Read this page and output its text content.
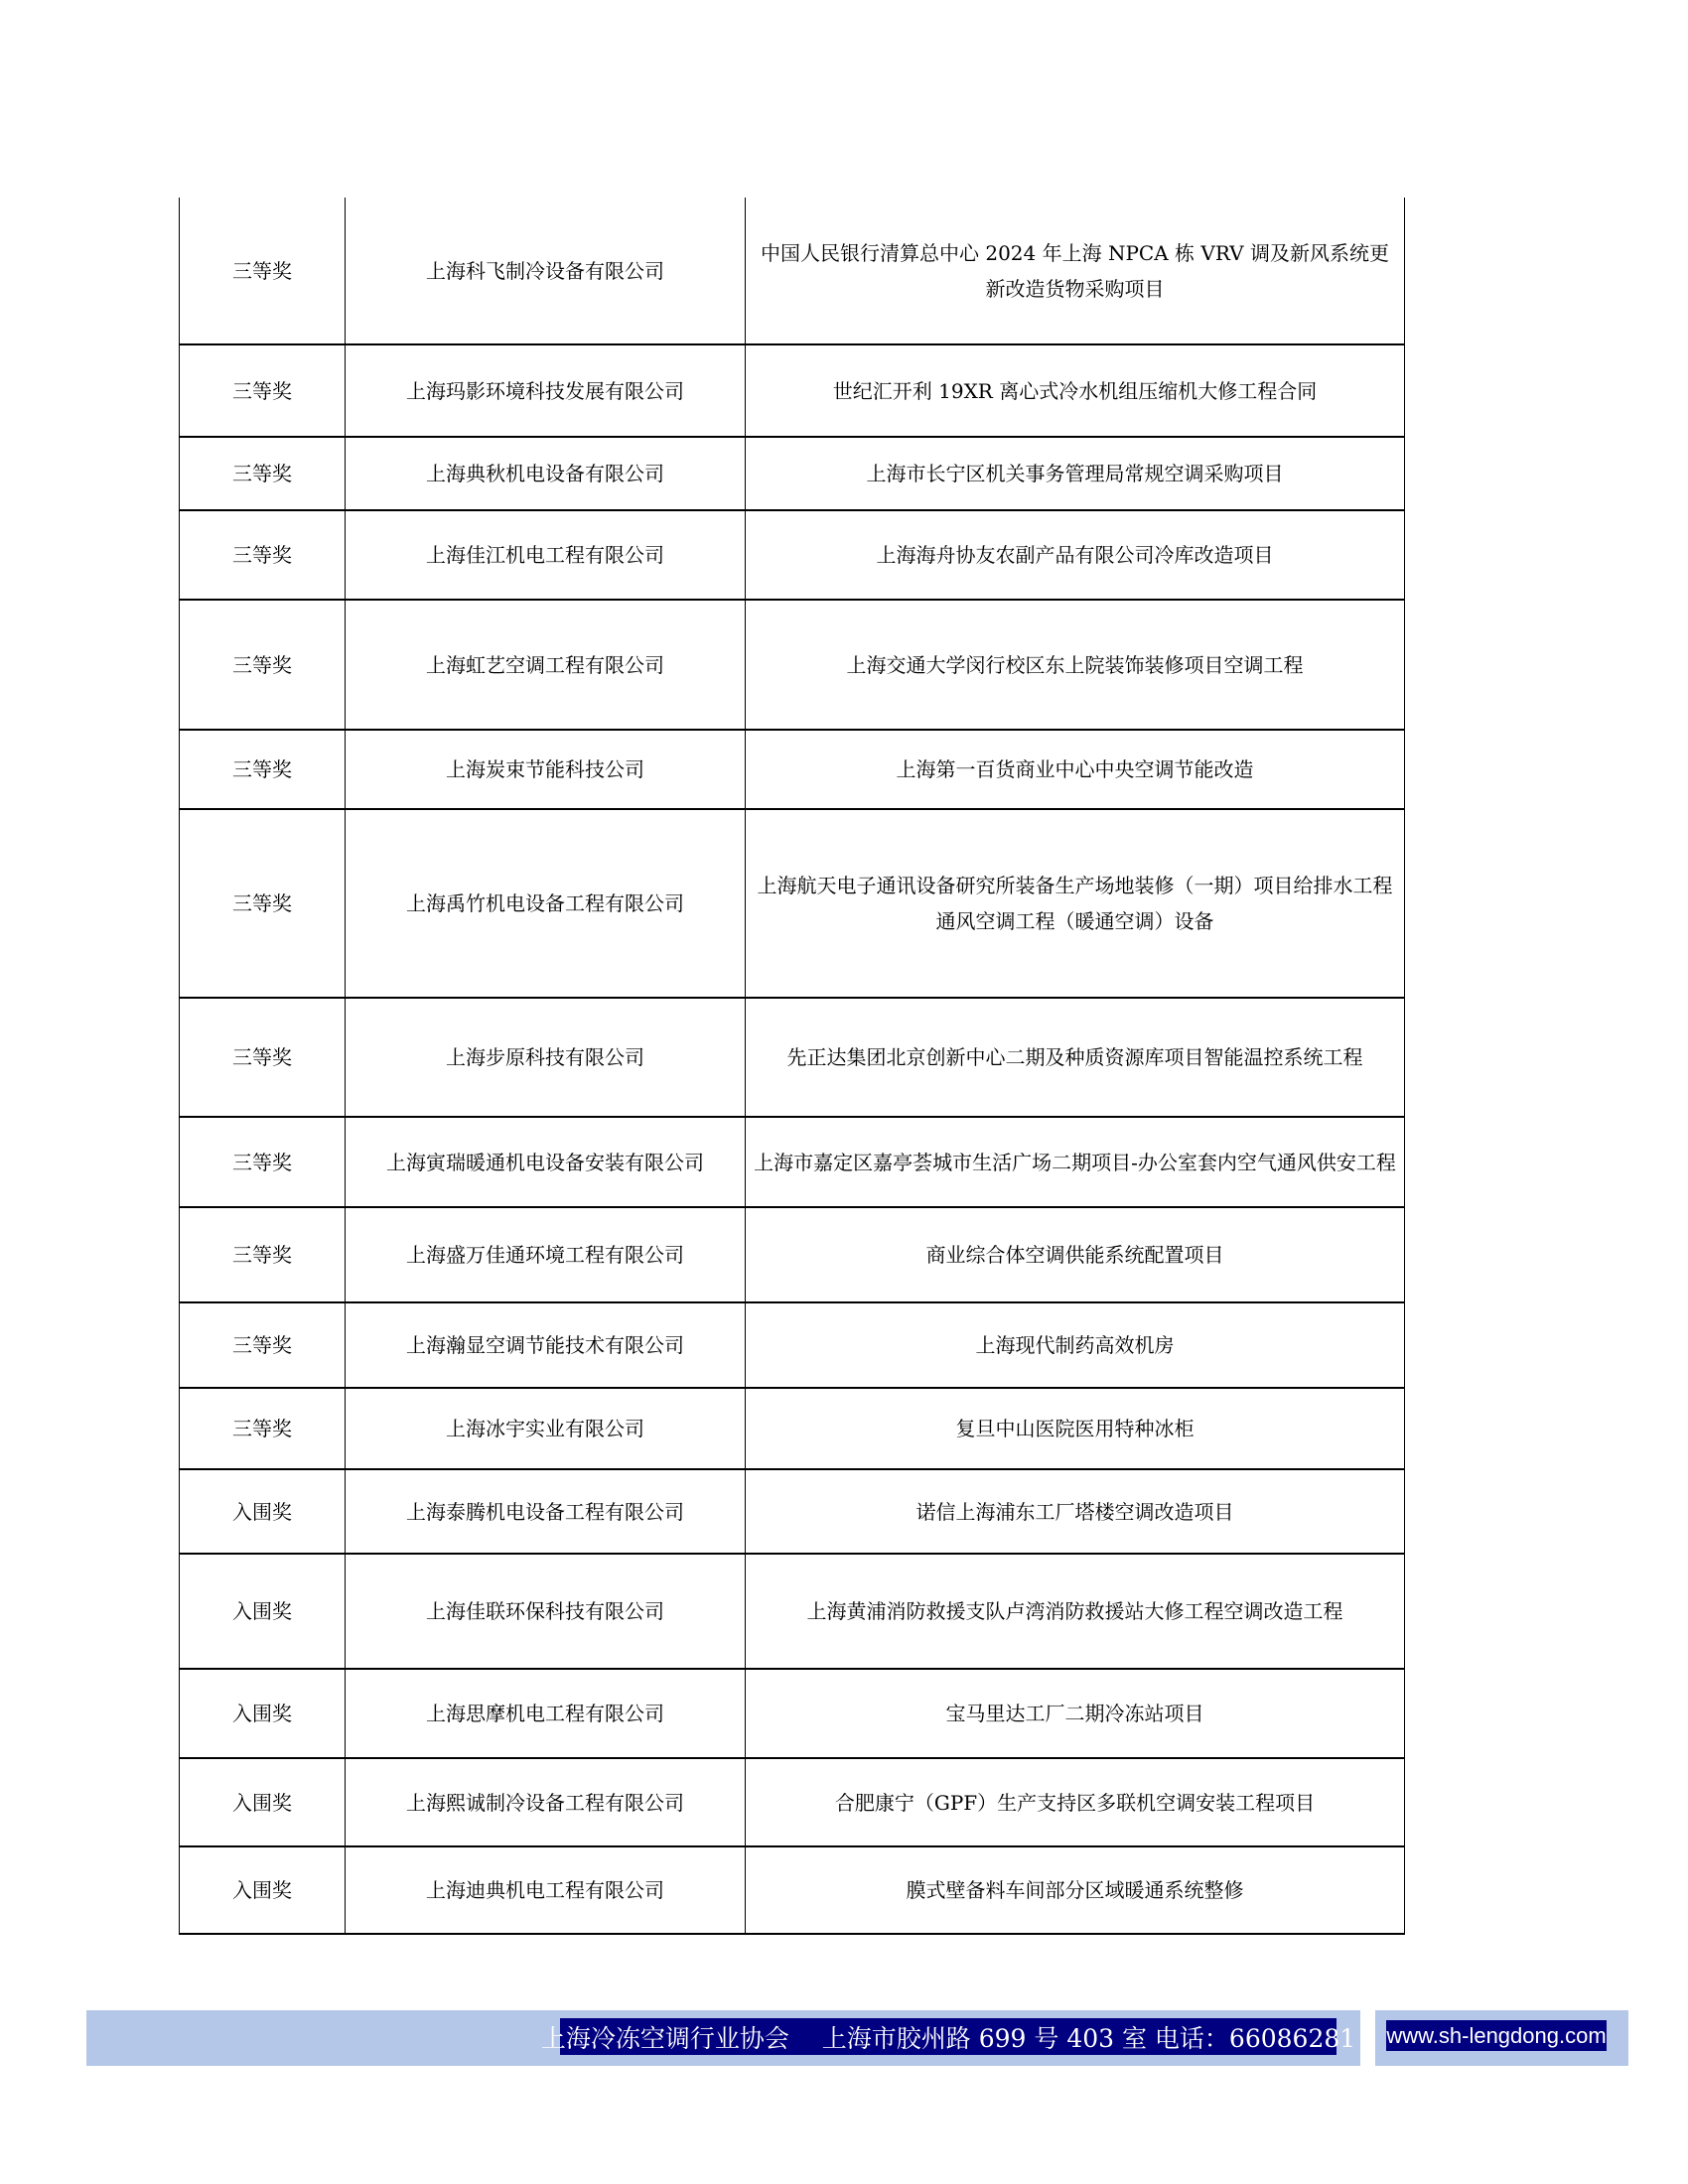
三等奖	上海科飞制冷设备有限公司	中国人民银行清算总中心 2024 年上海 NPCA 栋 VRV 调及新风系统更新改造货物采购项目
三等奖	上海玛影环境科技发展有限公司	世纪汇开利 19XR 离心式冷水机组压缩机大修工程合同
三等奖	上海典秋机电设备有限公司	上海市长宁区机关事务管理局常规空调采购项目
三等奖	上海佳江机电工程有限公司	上海海舟协友农副产品有限公司冷库改造项目
三等奖	上海虹艺空调工程有限公司	上海交通大学闵行校区东上院装饰装修项目空调工程
三等奖	上海炭束节能科技公司	上海第一百货商业中心中央空调节能改造
三等奖	上海禹竹机电设备工程有限公司	上海航天电子通讯设备研究所装备生产场地装修（一期）项目给排水工程通风空调工程（暖通空调）设备
三等奖	上海步原科技有限公司	先正达集团北京创新中心二期及种质资源库项目智能温控系统工程
三等奖	上海寅瑞暖通机电设备安装有限公司	上海市嘉定区嘉亭荟城市生活广场二期项目-办公室套内空气通风供安工程
三等奖	上海盛万佳通环境工程有限公司	商业综合体空调供能系统配置项目
三等奖	上海瀚显空调节能技术有限公司	上海现代制药高效机房
三等奖	上海冰宇实业有限公司	复旦中山医院医用特种冰柜
入围奖	上海泰腾机电设备工程有限公司	诺信上海浦东工厂塔楼空调改造项目
入围奖	上海佳联环保科技有限公司	上海黄浦消防救援支队卢湾消防救援站大修工程空调改造工程
入围奖	上海思摩机电工程有限公司	宝马里达工厂二期冷冻站项目
入围奖	上海熙诚制冷设备工程有限公司	合肥康宁（GPF）生产支持区多联机空调安装工程项目
入围奖	上海迪典机电工程有限公司	膜式壁备料车间部分区域暖通系统整修
上海冷冻空调行业协会　 上海市胶州路 699 号 403 室 电话：66086281 www.sh-lengdong.com
